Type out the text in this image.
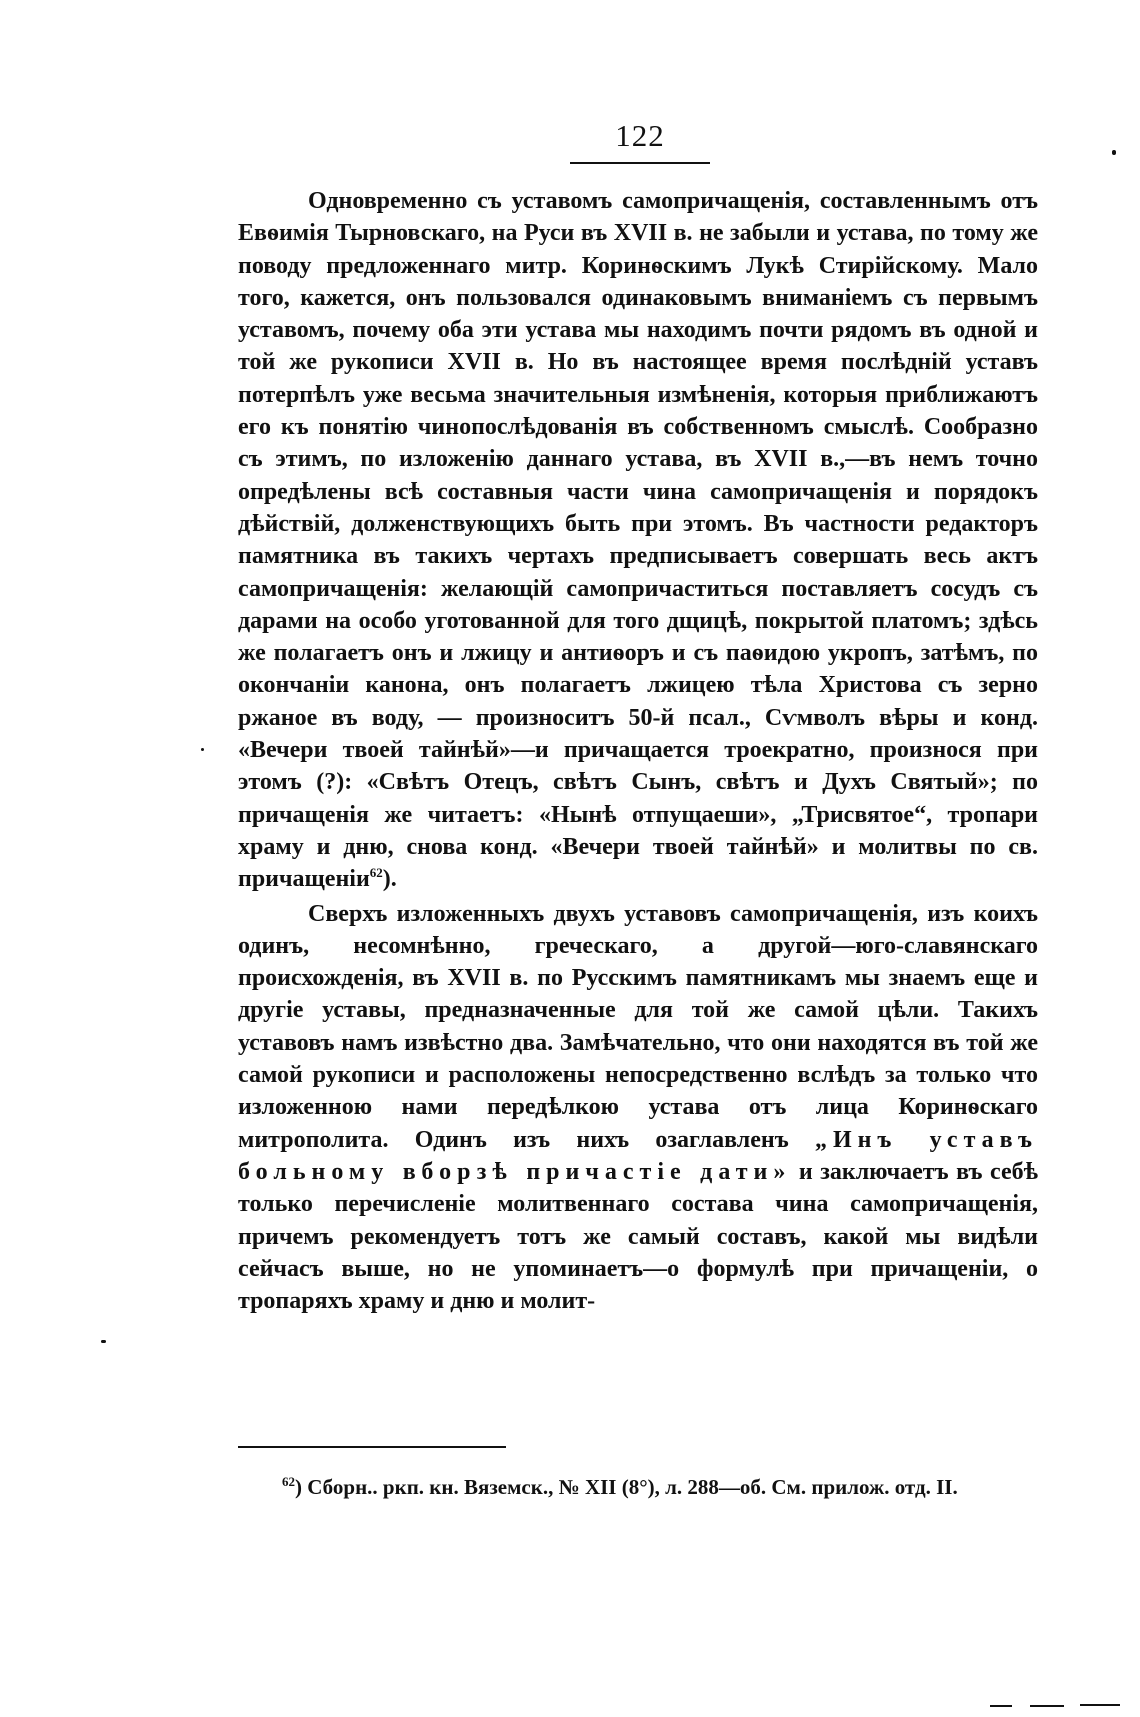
122

Одновременно съ уставомъ самопричащенія, составленнымъ отъ Евѳимія Тырновскаго, на Руси въ XVII в. не забыли и устава, по тому же поводу предложеннаго митр. Коринѳскимъ Лукѣ Стирійскому. Мало того, кажется, онъ пользовался одинаковымъ вниманіемъ съ первымъ уставомъ, почему оба эти устава мы находимъ почти рядомъ въ одной и той же рукописи XVII в. Но въ настоящее время послѣдній уставъ потерпѣлъ уже весьма значительныя измѣненія, которыя приближаютъ его къ понятію чинопослѣдованія въ собственномъ смыслѣ. Сообразно съ этимъ, по изложенію даннаго устава, въ XVII в.,—въ немъ точно опредѣлены всѣ составныя части чина самопричащенія и порядокъ дѣйствій, долженствующихъ быть при этомъ. Въ частности редакторъ памятника въ такихъ чертахъ предписываетъ совершать весь актъ самопричащенія: желающій самопричаститься поставляетъ сосудъ съ дарами на особо уготованной для того дщицѣ, покрытой платомъ; здѣсь же полагаетъ онъ и лжицу и антиѳоръ и съ паѳидою укропъ, затѣмъ, по окончаніи канона, онъ полагаетъ лжицею тѣла Христова съ зерно ржаное въ воду, — произноситъ 50-й псал., Сѵмволъ вѣры и конд. «Вечери твоей тайнѣй»—и причащается троекратно, произнося при этомъ (?): «Свѣтъ Отецъ, свѣтъ Сынъ, свѣтъ и Духъ Святый»; по причащенія же читаетъ: «Нынѣ отпущаеши», „Трисвятое“, тропари храму и дню, снова конд. «Вечери твоей тайнѣй» и молитвы по св. причащеніи$^{62}$).

Сверхъ изложенныхъ двухъ уставовъ самопричащенія, изъ коихъ одинъ, несомнѣнно, греческаго, а другой—юго-славянскаго происхожденія, въ XVII в. по Русскимъ памятникамъ мы знаемъ еще и другіе уставы, предназначенные для той же самой цѣли. Такихъ уставовъ намъ извѣстно два. Замѣчательно, что они находятся въ той же самой рукописи и расположены непосредственно вслѣдъ за только что изложенною нами передѣлкою устава отъ лица Коринѳскаго митрополита. Одинъ изъ нихъ озаглавленъ „Инъ уставъ больному вборзѣ причастіе дати» и заключаетъ въ себѣ только перечисленіе молитвеннаго состава чина самопричащенія, причемъ рекомендуетъ тотъ же самый составъ, какой мы видѣли сейчасъ выше, но не упоминаетъ—о формулѣ при причащеніи, о тропаряхъ храму и дню и молит-

$^{62}$) Сборн.. ркп. кн. Вяземск., № XII (8°), л. 288—об. См. прилож. отд. II.
